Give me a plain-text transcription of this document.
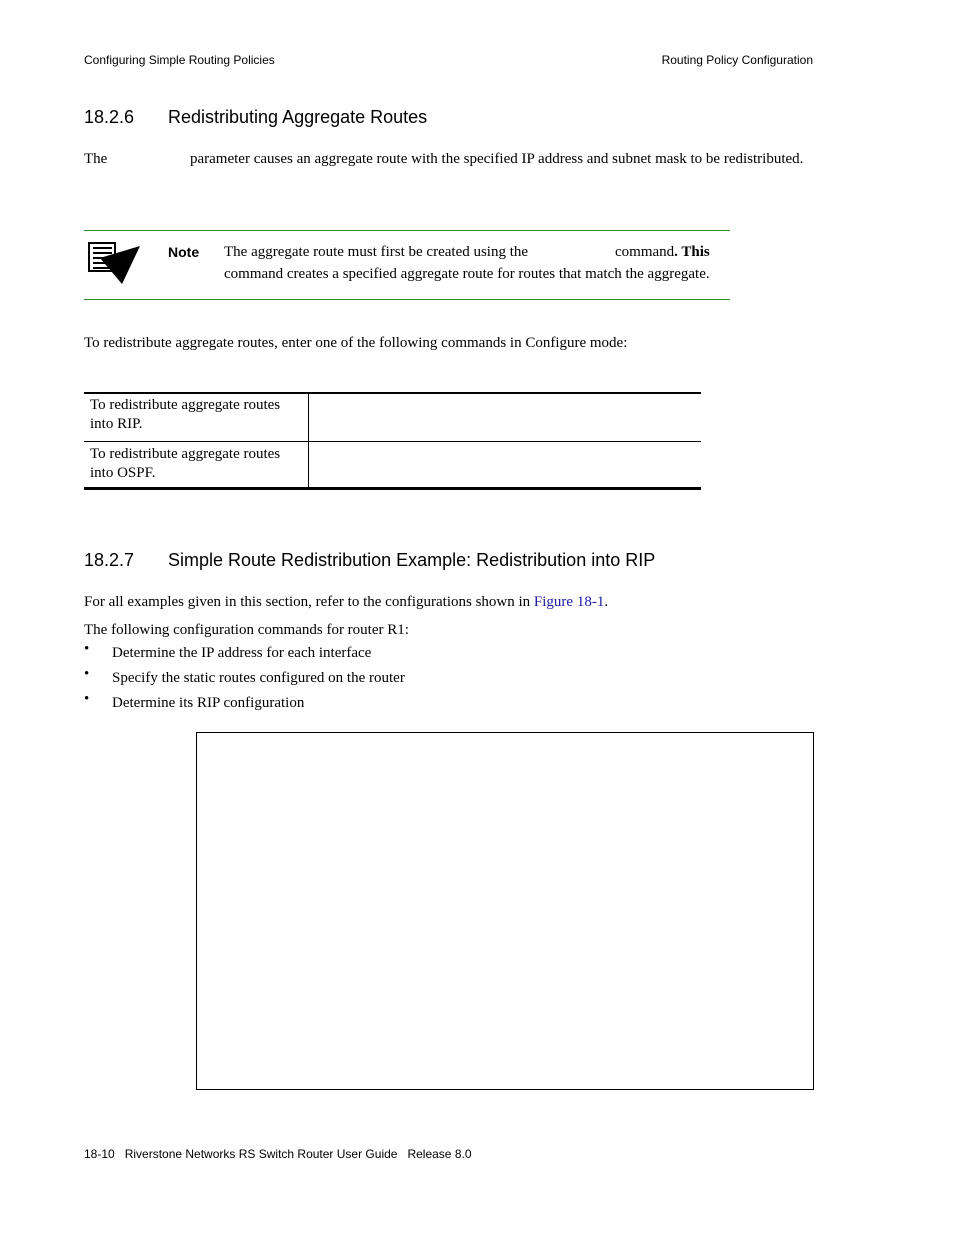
Configuring Simple Routing Policies	Routing Policy Configuration
18.2.6 Redistributing Aggregate Routes
The	parameter causes an aggregate route with the specified IP address and subnet mask to be redistributed.
Note The aggregate route must first be created using the	command. This
command creates a specified aggregate route for routes that match the aggregate.
To redistribute aggregate routes, enter one of the following commands in Configure mode:
To redistribute aggregate routes
into RIP.
To redistribute aggregate routes
into OSPF.
18.2.7 Simple Route Redistribution Example: Redistribution into RIP
For all examples given in this section, refer to the configurations shown in Figure 18-1.
The following configuration commands for router R1:
• Determine the IP address for each interface
• Specify the static routes configured on the router
• Determine its RIP configuration
18-10   Riverstone Networks RS Switch Router User Guide   Release 8.0
